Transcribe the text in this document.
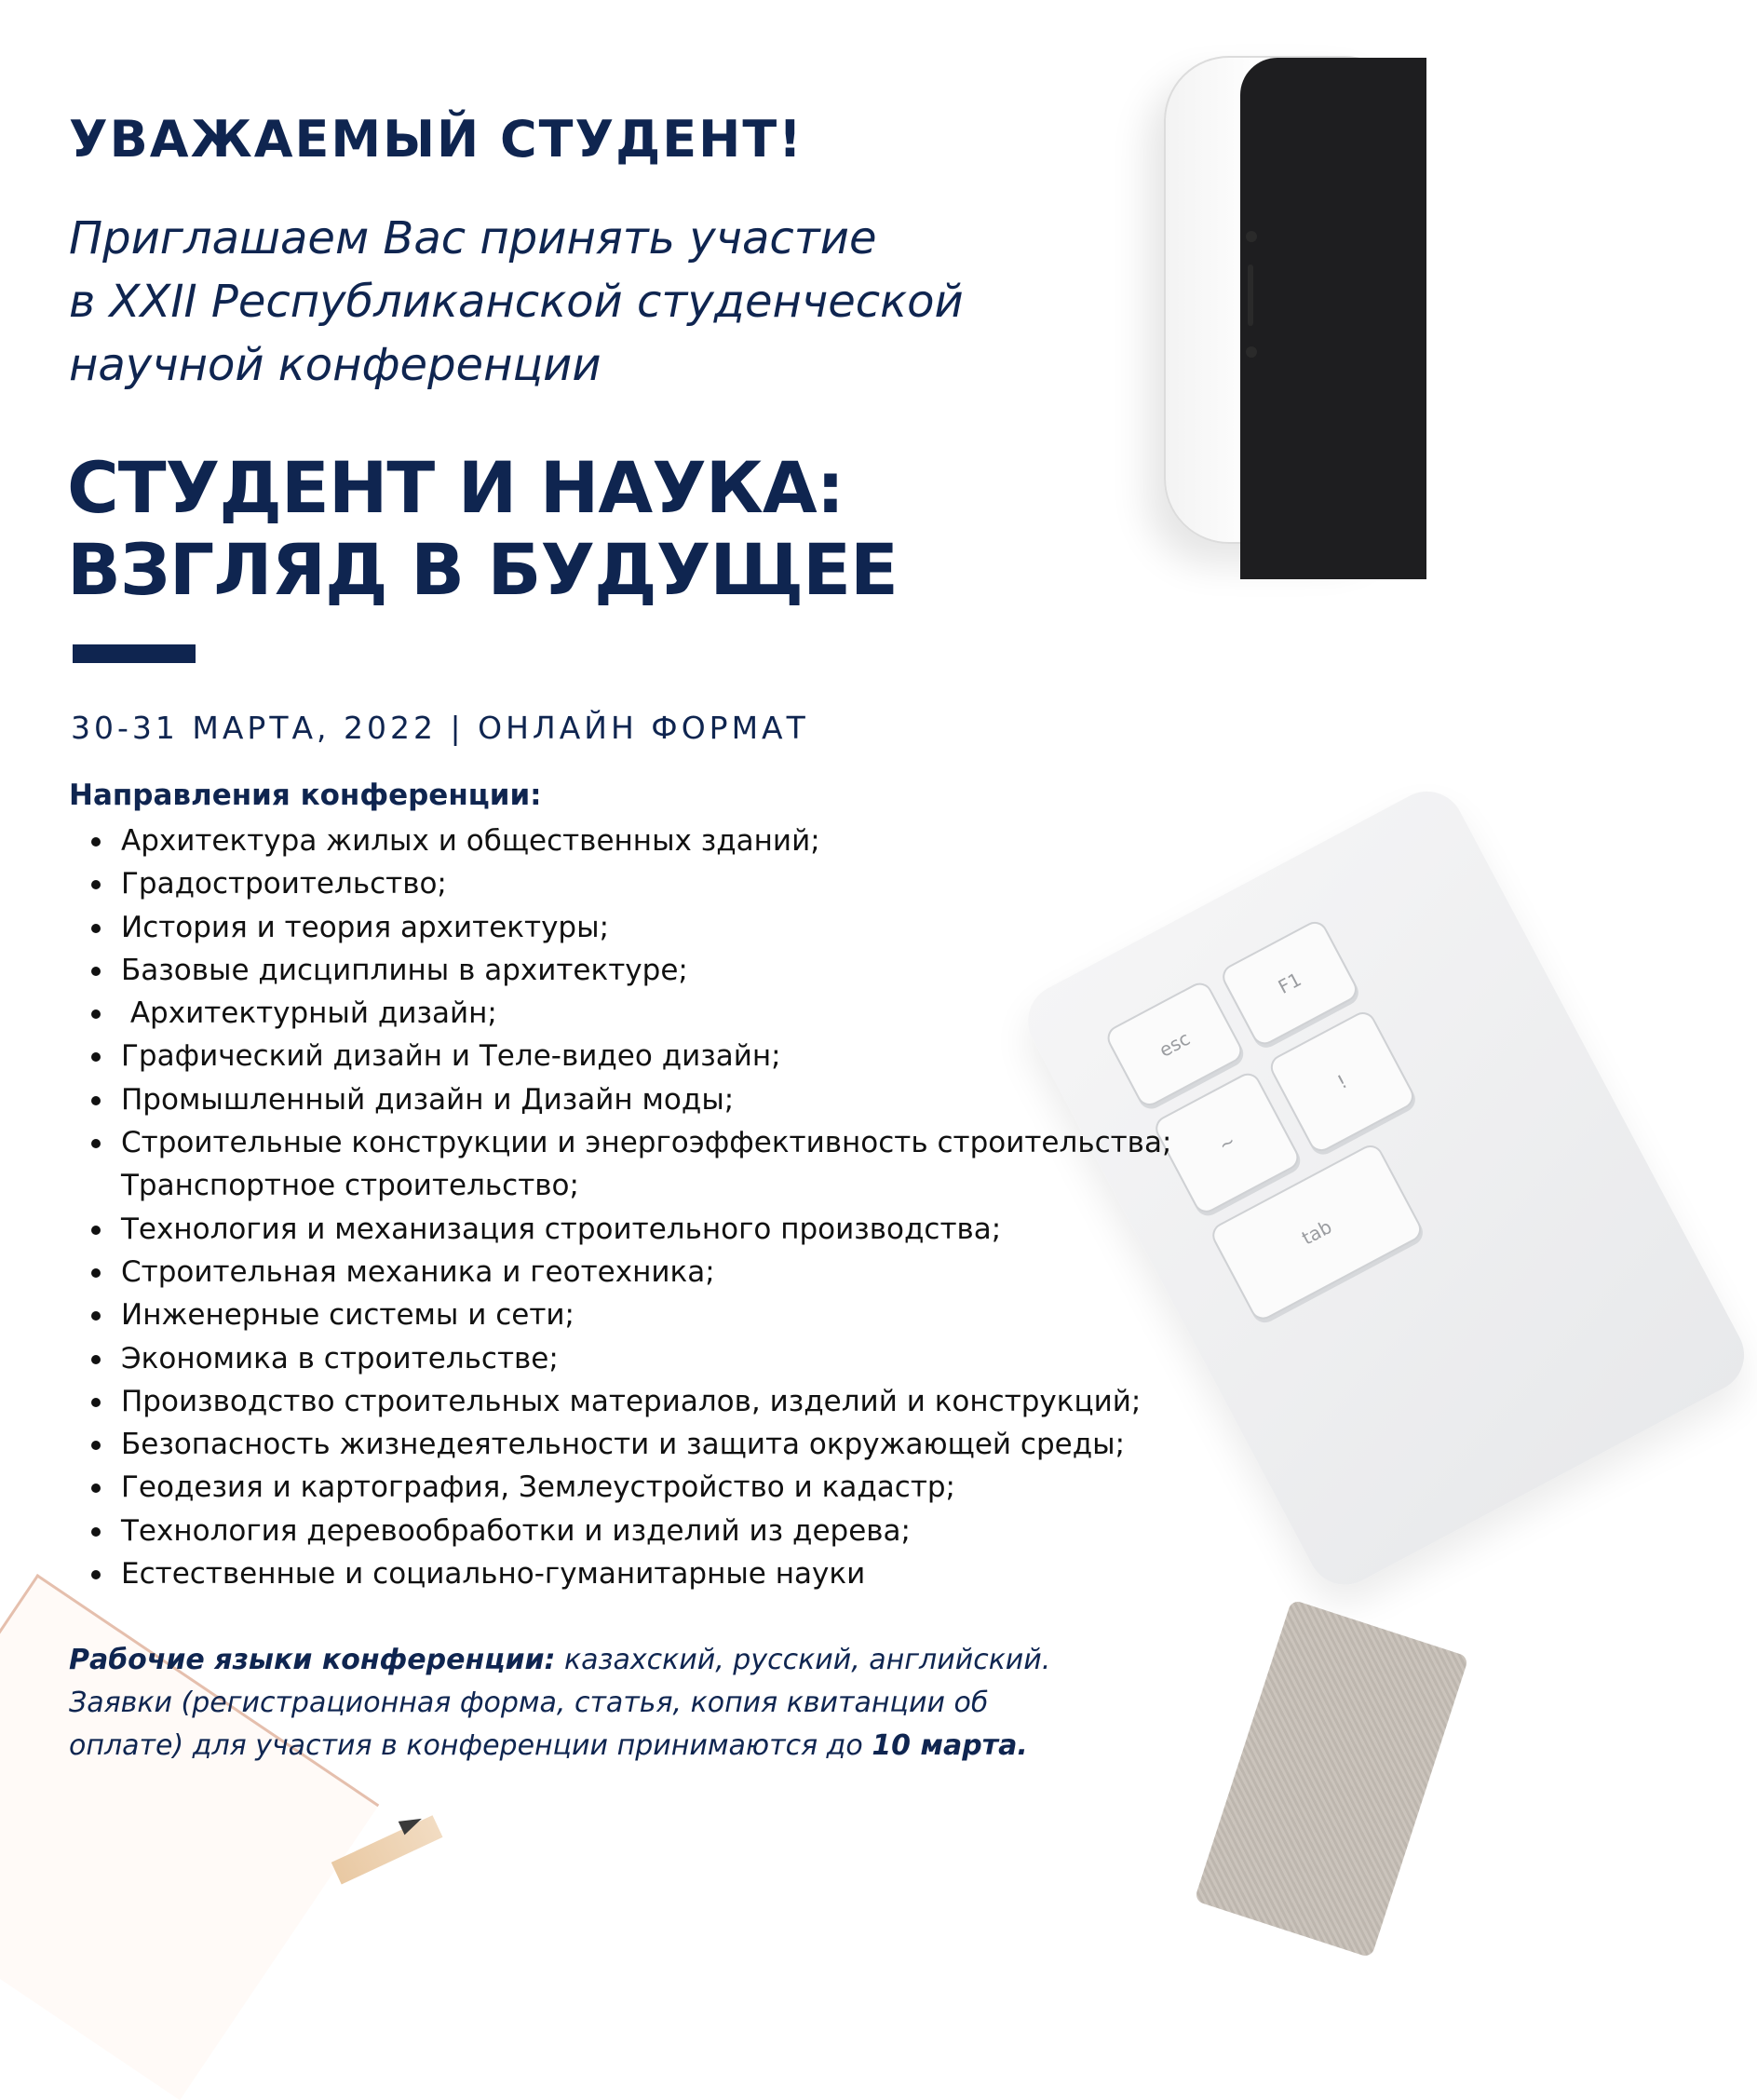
esc
F1
~
!
tab
УВАЖАЕМЫЙ СТУДЕНТ!

Приглашаем Вас принять участие
в XXII Республиканской студенческой
научной конференции

СТУДЕНТ И НАУКА:
ВЗГЛЯД В БУДУЩЕЕ

30-31 МАРТА, 2022 | ОНЛАЙН ФОРМАТ

Направления конференции:

Архитектура жилых и общественных зданий;
Градостроительство;
История и теория архитектуры;
Базовые дисциплины в архитектуре;
Архитектурный дизайн;
Графический дизайн и Теле-видео дизайн;
Промышленный дизайн и Дизайн моды;
Строительные конструкции и энергоэффективность строительства;
Транспортное строительство;
Технология и механизация строительного производства;
Строительная механика и геотехника;
Инженерные системы и сети;
Экономика в строительстве;
Производство строительных материалов, изделий и конструкций;
Безопасность жизнедеятельности и защита окружающей среды;
Геодезия и картография, Землеустройство и кадастр;
Технология деревообработки и изделий из дерева;
Естественные и социально-гуманитарные науки

Рабочие языки конференции: казахский, русский, английский.
Заявки (регистрационная форма, статья, копия квитанции об оплате) для участия в конференции принимаются до 10 марта.
